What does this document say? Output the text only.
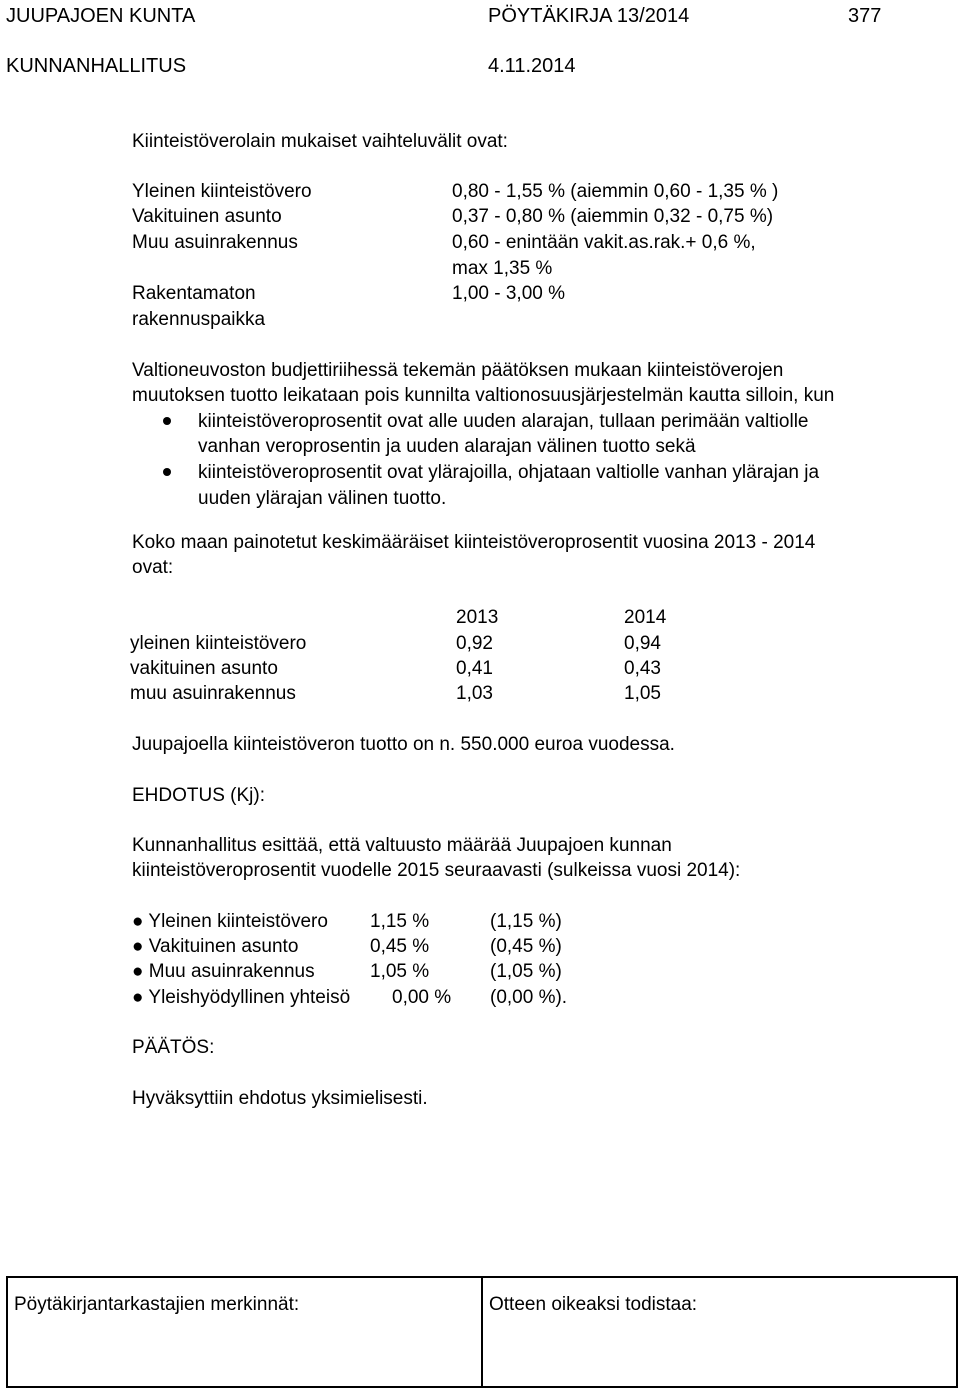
JUUPAJOEN KUNTA	PÖYTÄKIRJA 13/2014	377
KUNNANHALLITUS	4.11.2014
Kiinteistöverolain mukaiset vaihteluvälit ovat:
Yleinen kiinteistövero	0,80 - 1,55 % (aiemmin 0,60 - 1,35 % )
Vakituinen asunto	0,37 - 0,80 % (aiemmin 0,32 - 0,75 %)
Muu asuinrakennus	0,60 - enintään vakit.as.rak.+ 0,6 %,
max 1,35 %
Rakentamaton	1,00 - 3,00 %
rakennuspaikka
Valtioneuvoston budjettiriihessä tekemän päätöksen mukaan kiinteistöverojen
muutoksen tuotto leikataan pois kunnilta valtionosuusjärjestelmän kautta silloin, kun
kiinteistöveroprosentit ovat alle uuden alarajan, tullaan perimään valtiolle
vanhan veroprosentin ja uuden alarajan välinen tuotto sekä
kiinteistöveroprosentit ovat ylärajoilla, ohjataan valtiolle vanhan ylärajan ja
uuden ylärajan välinen tuotto.
Koko maan painotetut keskimääräiset kiinteistöveroprosentit vuosina 2013 - 2014
ovat:
2013	2014
yleinen kiinteistövero	0,92	0,94
vakituinen asunto	0,41	0,43
muu asuinrakennus	1,03	1,05
Juupajoella kiinteistöveron tuotto on n. 550.000 euroa vuodessa.
EHDOTUS (Kj):
Kunnanhallitus esittää, että valtuusto määrää Juupajoen kunnan
kiinteistöveroprosentit vuodelle 2015 seuraavasti (sulkeissa vuosi 2014):
● Yleinen kiinteistövero 1,15 %	(1,15 %)
● Vakituinen asunto	0,45 %	(0,45 %)
● Muu asuinrakennus	1,05 %	(1,05 %)
● Yleishyödyllinen yhteisö 0,00 % (0,00 %).
PÄÄTÖS:
Hyväksyttiin ehdotus yksimielisesti.
Pöytäkirjantarkastajien merkinnät:	Otteen oikeaksi todistaa:
